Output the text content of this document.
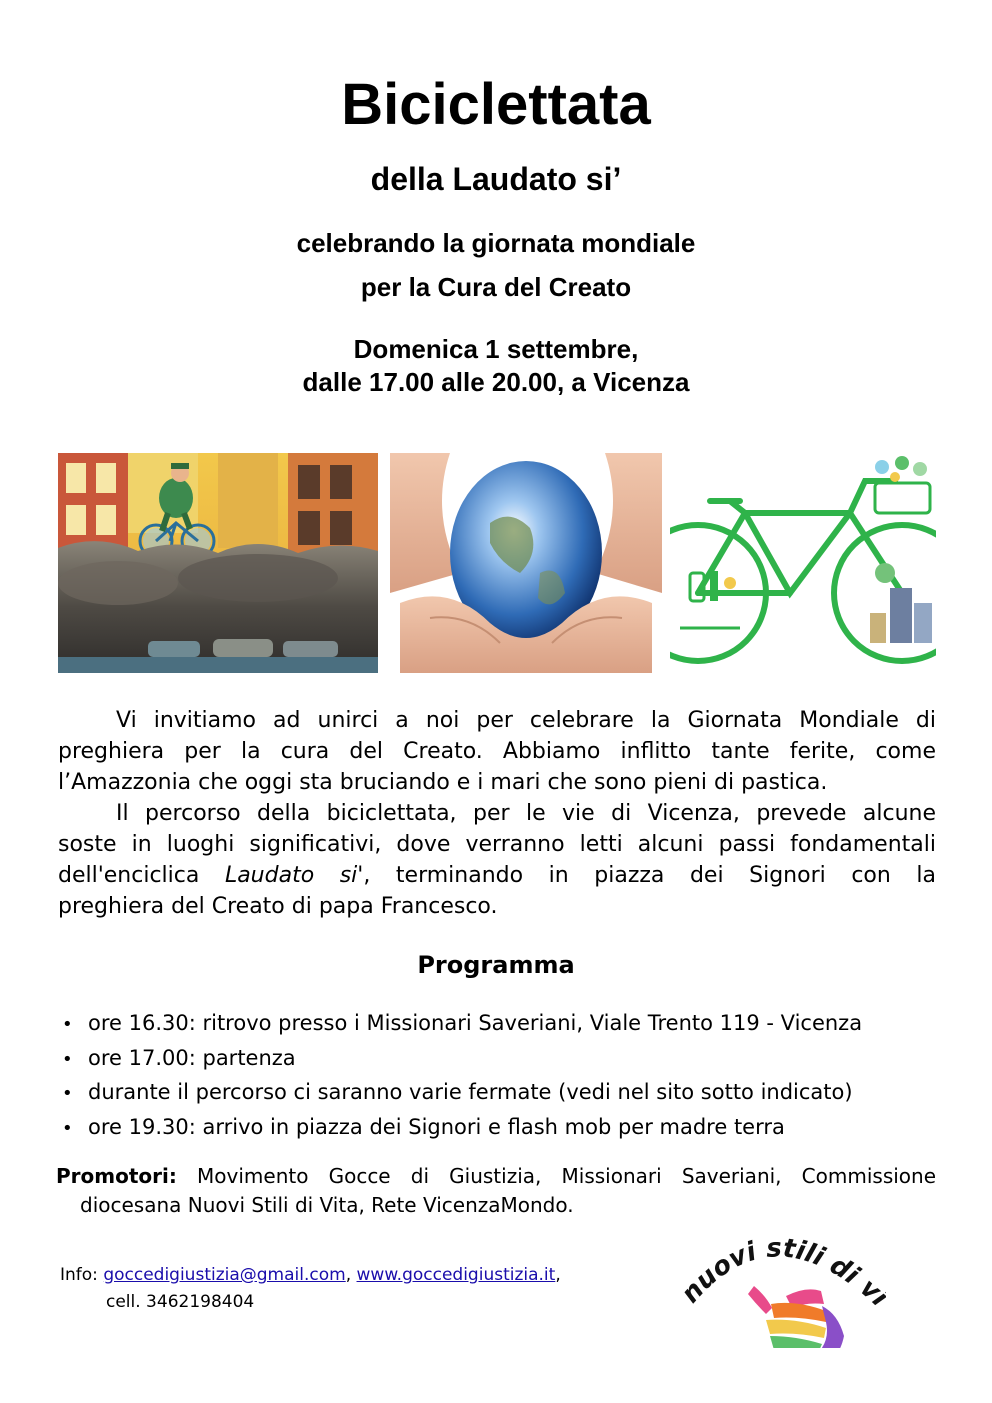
Biciclettata
della Laudato si’
celebrando la giornata mondiale
per la Cura del Creato
Domenica 1 settembre,
dalle 17.00 alle 20.00, a Vicenza
Vi invitiamo ad unirci a noi per celebrare la Giornata Mondiale di
preghiera per la cura del Creato. Abbiamo inflitto tante ferite, come
l’Amazzonia che oggi sta bruciando e i mari che sono pieni di pastica.
Il percorso della biciclettata, per le vie di Vicenza, prevede alcune
soste in luoghi significativi, dove verranno letti alcuni passi fondamentali
dell'enciclica Laudato si', terminando in piazza dei Signori con la
preghiera del Creato di papa Francesco.
Programma
• ore 16.30: ritrovo presso i Missionari Saveriani, Viale Trento 119 - Vicenza
• ore 17.00: partenza
• durante il percorso ci saranno varie fermate (vedi nel sito sotto indicato)
• ore 19.30: arrivo in piazza dei Signori e flash mob per madre terra
Promotori: Movimento Gocce di Giustizia, Missionari Saveriani, Commissione
diocesana Nuovi Stili di Vita, Rete VicenzaMondo.
Info: goccedigiustizia@gmail.com, www.goccedigiustizia.it,
cell. 3462198404	nuovi stili di v
